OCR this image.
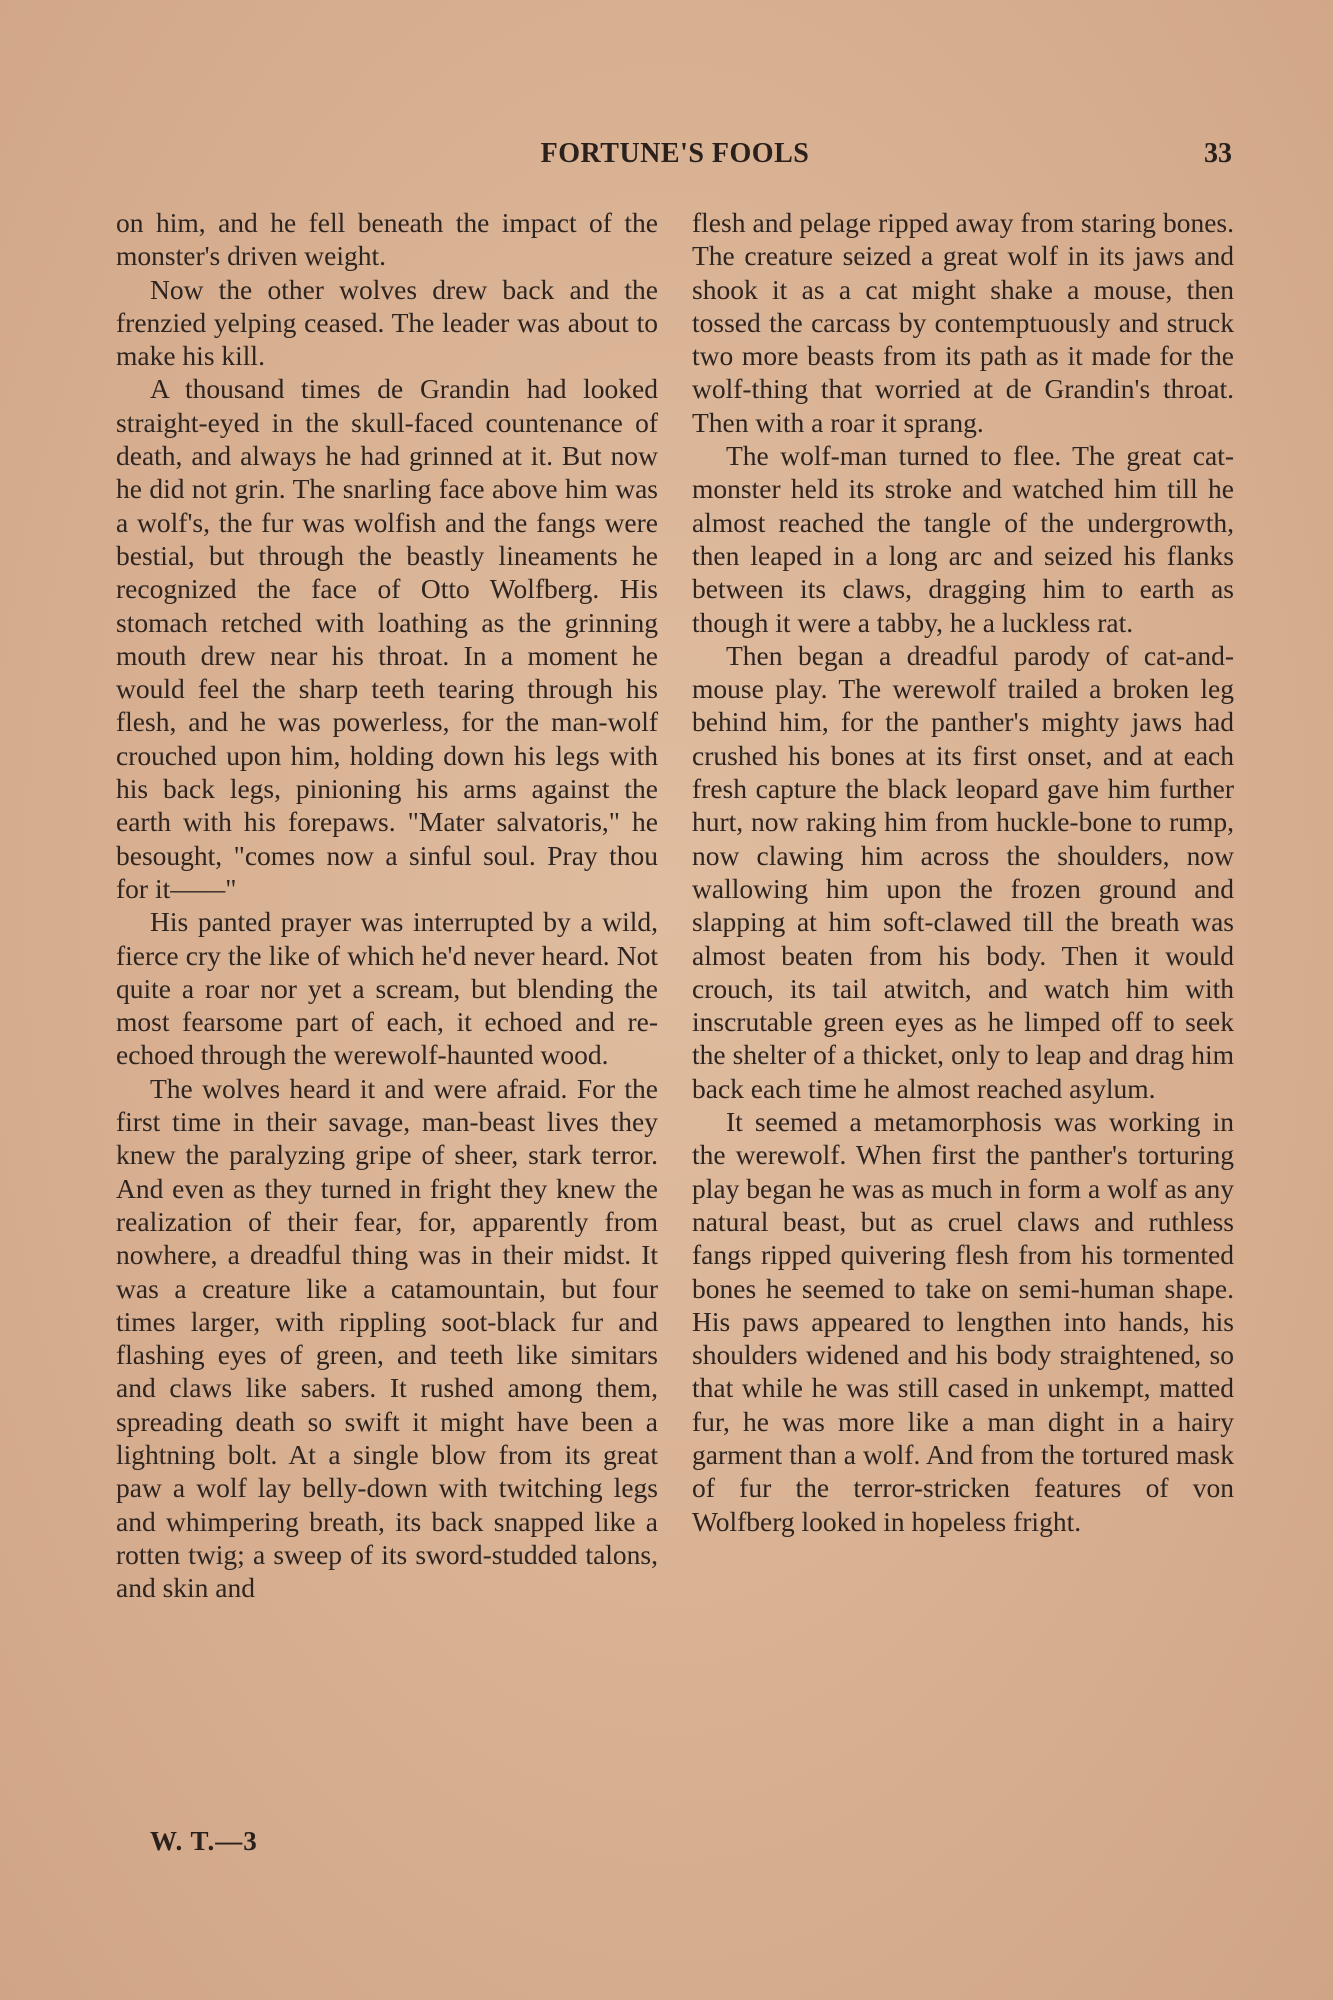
FORTUNE'S FOOLS	33

on him, and he fell beneath the impact of the monster's driven weight.

Now the other wolves drew back and the frenzied yelping ceased. The leader was about to make his kill.

A thousand times de Grandin had looked straight-eyed in the skull-faced countenance of death, and always he had grinned at it. But now he did not grin. The snarling face above him was a wolf's, the fur was wolfish and the fangs were bestial, but through the beastly lineaments he recognized the face of Otto Wolfberg. His stomach retched with loathing as the grinning mouth drew near his throat. In a moment he would feel the sharp teeth tearing through his flesh, and he was powerless, for the man-wolf crouched upon him, holding down his legs with his back legs, pinioning his arms against the earth with his forepaws. "Mater salvatoris," he besought, "comes now a sinful soul. Pray thou for it——"

His panted prayer was interrupted by a wild, fierce cry the like of which he'd never heard. Not quite a roar nor yet a scream, but blending the most fearsome part of each, it echoed and re-echoed through the werewolf-haunted wood.

The wolves heard it and were afraid. For the first time in their savage, man-beast lives they knew the paralyzing gripe of sheer, stark terror. And even as they turned in fright they knew the realization of their fear, for, apparently from nowhere, a dreadful thing was in their midst. It was a creature like a catamountain, but four times larger, with rippling soot-black fur and flashing eyes of green, and teeth like simitars and claws like sabers. It rushed among them, spreading death so swift it might have been a lightning bolt. At a single blow from its great paw a wolf lay belly-down with twitching legs and whimpering breath, its back snapped like a rotten twig; a sweep of its sword-studded talons, and skin and

flesh and pelage ripped away from staring bones. The creature seized a great wolf in its jaws and shook it as a cat might shake a mouse, then tossed the carcass by contemptuously and struck two more beasts from its path as it made for the wolf-thing that worried at de Grandin's throat. Then with a roar it sprang.

The wolf-man turned to flee. The great cat-monster held its stroke and watched him till he almost reached the tangle of the undergrowth, then leaped in a long arc and seized his flanks between its claws, dragging him to earth as though it were a tabby, he a luckless rat.

Then began a dreadful parody of cat-and-mouse play. The werewolf trailed a broken leg behind him, for the panther's mighty jaws had crushed his bones at its first onset, and at each fresh capture the black leopard gave him further hurt, now raking him from huckle-bone to rump, now clawing him across the shoulders, now wallowing him upon the frozen ground and slapping at him soft-clawed till the breath was almost beaten from his body. Then it would crouch, its tail atwitch, and watch him with inscrutable green eyes as he limped off to seek the shelter of a thicket, only to leap and drag him back each time he almost reached asylum.

It seemed a metamorphosis was working in the werewolf. When first the panther's torturing play began he was as much in form a wolf as any natural beast, but as cruel claws and ruthless fangs ripped quivering flesh from his tormented bones he seemed to take on semi-human shape. His paws appeared to lengthen into hands, his shoulders widened and his body straightened, so that while he was still cased in unkempt, matted fur, he was more like a man dight in a hairy garment than a wolf. And from the tortured mask of fur the terror-stricken features of von Wolfberg looked in hopeless fright.

W. T.—3
